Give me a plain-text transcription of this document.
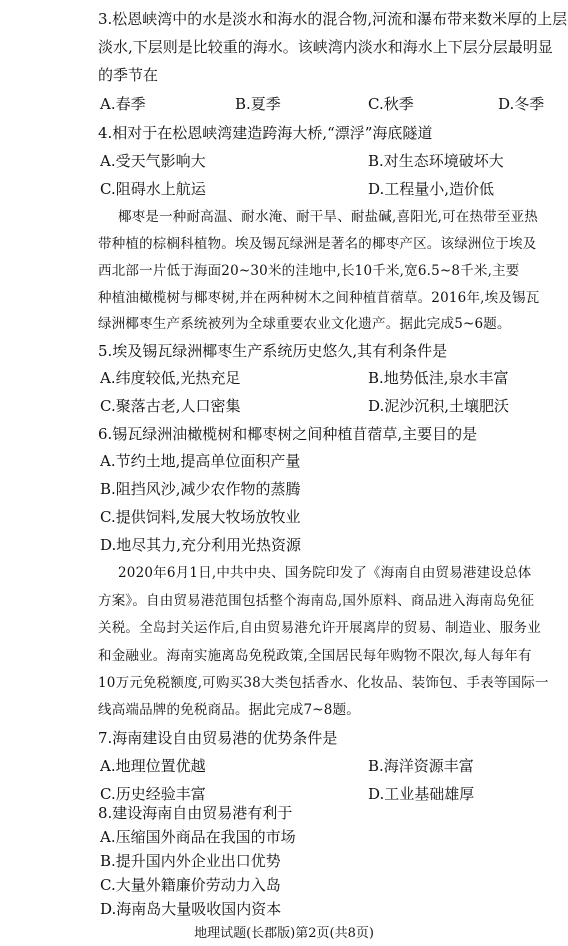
3.松恩峡湾中的水是淡水和海水的混合物,河流和瀑布带来数米厚的上层
淡水,下层则是比较重的海水。该峡湾内淡水和海水上下层分层最明显
的季节在
A.春季	B.夏季	C.秋季	D.冬季
4.相对于在松恩峡湾建造跨海大桥,“漂浮”海底隧道
A.受天气影响大	B.对生态环境破坏大
C.阻碍水上航运	D.工程量小,造价低
椰枣是一种耐高温、耐水淹、耐干旱、耐盐碱,喜阳光,可在热带至亚热
带种植的棕榈科植物。埃及锡瓦绿洲是著名的椰枣产区。该绿洲位于埃及
西北部一片低于海面20~30米的洼地中,长10千米,宽6.5~8千米,主要
种植油橄榄树与椰枣树,并在两种树木之间种植苜蓿草。2016年,埃及锡瓦
绿洲椰枣生产系统被列为全球重要农业文化遗产。据此完成5~6题。
5.埃及锡瓦绿洲椰枣生产系统历史悠久,其有利条件是
A.纬度较低,光热充足	B.地势低洼,泉水丰富
C.聚落古老,人口密集	D.泥沙沉积,土壤肥沃
6.锡瓦绿洲油橄榄树和椰枣树之间种植苜蓿草,主要目的是
A.节约土地,提高单位面积产量
B.阻挡风沙,减少农作物的蒸腾
C.提供饲料,发展大牧场放牧业
D.地尽其力,充分利用光热资源
2020年6月1日,中共中央、国务院印发了《海南自由贸易港建设总体
方案》。自由贸易港范围包括整个海南岛,国外原料、商品进入海南岛免征
关税。全岛封关运作后,自由贸易港允许开展离岸的贸易、制造业、服务业
和金融业。海南实施离岛免税政策,全国居民每年购物不限次,每人每年有
10万元免税额度,可购买38大类包括香水、化妆品、装饰包、手表等国际一
线高端品牌的免税商品。据此完成7~8题。
7.海南建设自由贸易港的优势条件是
A.地理位置优越	B.海洋资源丰富
C.历史经验丰富	D.工业基础雄厚
8.建设海南自由贸易港有利于
A.压缩国外商品在我国的市场
B.提升国内外企业出口优势
C.大量外籍廉价劳动力入岛
地理试题(长郡版)第2页(共8页)
D.海南岛大量吸收国内资本
